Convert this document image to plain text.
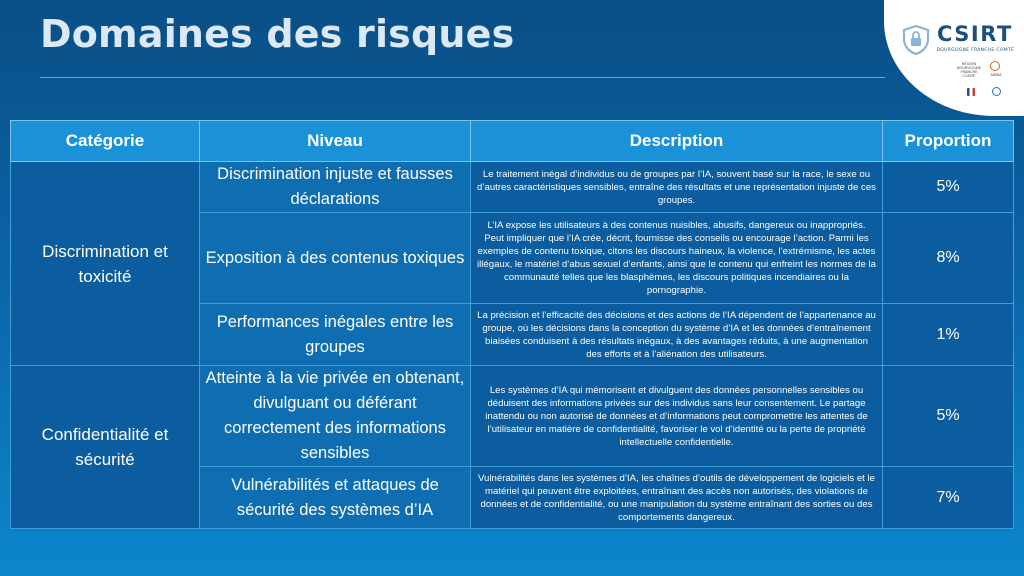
Domaines des risques	CSIRT
BOURGOGNE FRANCHE-COMTÉ
RÉGION BOURGOGNE FRANCHE COMTÉ	ARNIA
Catégorie	Niveau	Description	Proportion
Discrimination et toxicité	Discrimination injuste et fausses déclarations	Le traitement inégal d’individus ou de groupes par l’IA, souvent basé sur la race, le sexe ou d’autres caractéristiques sensibles, entraîne des résultats et une représentation injuste de ces groupes.	5%
	Exposition à des contenus toxiques	L’IA expose les utilisateurs à des contenus nuisibles, abusifs, dangereux ou inappropriés. Peut impliquer que l’IA crée, décrit, fournisse des conseils ou encourage l’action. Parmi les exemples de contenu toxique, citons les discours haineux, la violence, l’extrémisme, les actes illégaux, le matériel d’abus sexuel d’enfants, ainsi que le contenu qui enfreint les normes de la communauté telles que les blasphèmes, les discours politiques incendiaires ou la pornographie.	8%
	Performances inégales entre les groupes	La précision et l’efficacité des décisions et des actions de l’IA dépendent de l’appartenance au groupe, où les décisions dans la conception du système d’IA et les données d’entraînement biaisées conduisent à des résultats inégaux, à des avantages réduits, à une augmentation des efforts et à l’aliénation des utilisateurs.	1%
Confidentialité et sécurité	Atteinte à la vie privée en obtenant, divulguant ou déférant correctement des informations sensibles	Les systèmes d’IA qui mémorisent et divulguent des données personnelles sensibles ou déduisent des informations privées sur des individus sans leur consentement. Le partage inattendu ou non autorisé de données et d’informations peut compromettre les attentes de l’utilisateur en matière de confidentialité, favoriser le vol d’identité ou la perte de propriété intellectuelle confidentielle.	5%
	Vulnérabilités et attaques de sécurité des systèmes d’IA	Vulnérabilités dans les systèmes d’IA, les chaînes d’outils de développement de logiciels et le matériel qui peuvent être exploitées, entraînant des accès non autorisés, des violations de données et de confidentialité, ou une manipulation du système entraînant des sorties ou des comportements dangereux.	7%
